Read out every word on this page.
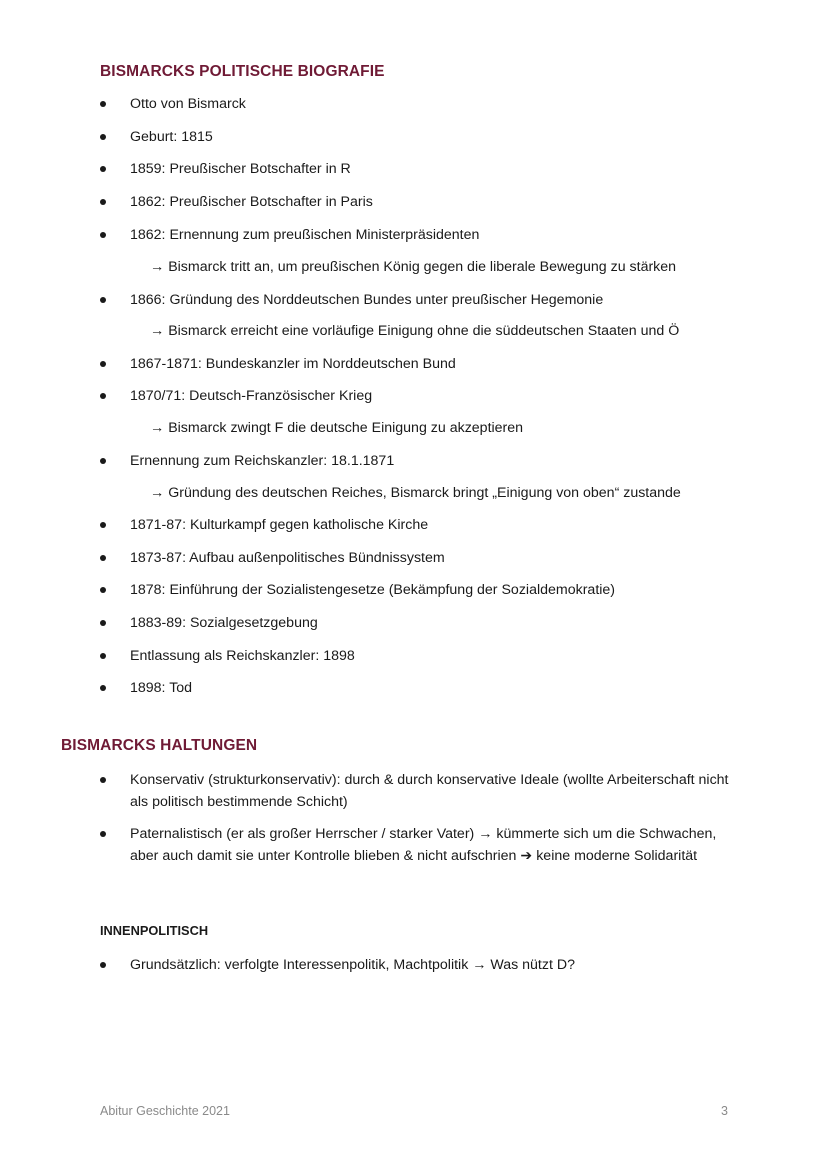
BISMARCKS POLITISCHE BIOGRAFIE
Otto von Bismarck
Geburt: 1815
1859: Preußischer Botschafter in R
1862: Preußischer Botschafter in Paris
1862: Ernennung zum preußischen Ministerpräsidenten
→ Bismarck tritt an, um preußischen König gegen die liberale Bewegung zu stärken
1866: Gründung des Norddeutschen Bundes unter preußischer Hegemonie
→ Bismarck erreicht eine vorläufige Einigung ohne die süddeutschen Staaten und Ö
1867-1871: Bundeskanzler im Norddeutschen Bund
1870/71: Deutsch-Französischer Krieg
→ Bismarck zwingt F die deutsche Einigung zu akzeptieren
Ernennung zum Reichskanzler: 18.1.1871
→ Gründung des deutschen Reiches, Bismarck bringt „Einigung von oben“ zustande
1871-87: Kulturkampf gegen katholische Kirche
1873-87: Aufbau außenpolitisches Bündnissystem
1878: Einführung der Sozialistengesetze (Bekämpfung der Sozialdemokratie)
1883-89: Sozialgesetzgebung
Entlassung als Reichskanzler: 1898
1898: Tod
BISMARCKS HALTUNGEN
Konservativ (strukturkonservativ): durch & durch konservative Ideale (wollte Arbeiterschaft nicht als politisch bestimmende Schicht)
Paternalistisch (er als großer Herrscher / starker Vater) → kümmerte sich um die Schwachen, aber auch damit sie unter Kontrolle blieben & nicht aufschrien ➔ keine moderne Solidarität
INNENPOLITISCH
Grundsätzlich: verfolgte Interessenpolitik, Machtpolitik → Was nützt D?
Abitur Geschichte 2021	3
